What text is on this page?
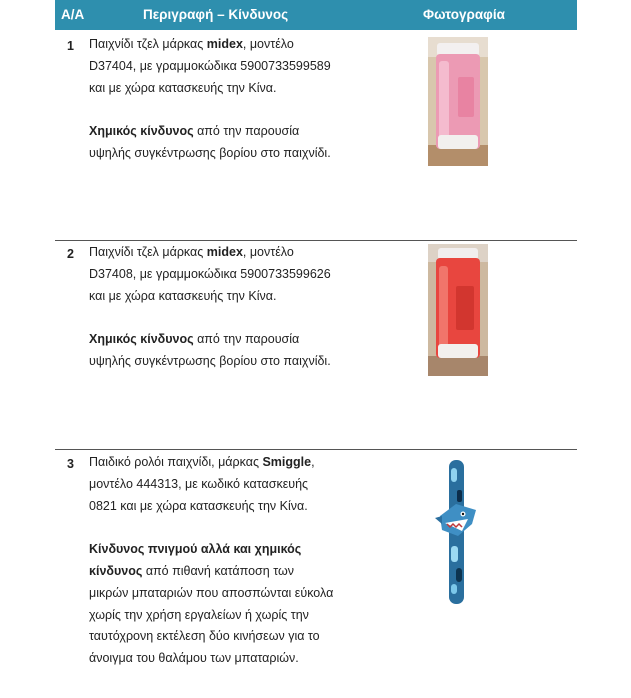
Α/Α	Περιγραφή – Κίνδυνος	Φωτογραφία
1 Παιχνίδι τζελ μάρκας midex, μοντέλο D37404, με γραμμοκώδικα 5900733599589 και με χώρα κατασκευής την Κίνα.

Χημικός κίνδυνος από την παρουσία υψηλής συγκέντρωσης βορίου στο παιχνίδι.

2 Παιχνίδι τζελ μάρκας midex, μοντέλο D37408, με γραμμοκώδικα 5900733599626 και με χώρα κατασκευής την Κίνα.

Χημικός κίνδυνος από την παρουσία υψηλής συγκέντρωσης βορίου στο παιχνίδι.

3 Παιδικό ρολόι παιχνίδι, μάρκας Smiggle, μοντέλο 444313, με κωδικό κατασκευής 0821 και με χώρα κατασκευής την Κίνα.

Κίνδυνος πνιγμού αλλά και χημικός κίνδυνος από πιθανή κατάποση των μικρών μπαταριών που αποσπώνται εύκολα χωρίς την χρήση εργαλείων ή χωρίς την ταυτόχρονη εκτέλεση δύο κινήσεων για το άνοιγμα του θαλάμου των μπαταριών.
